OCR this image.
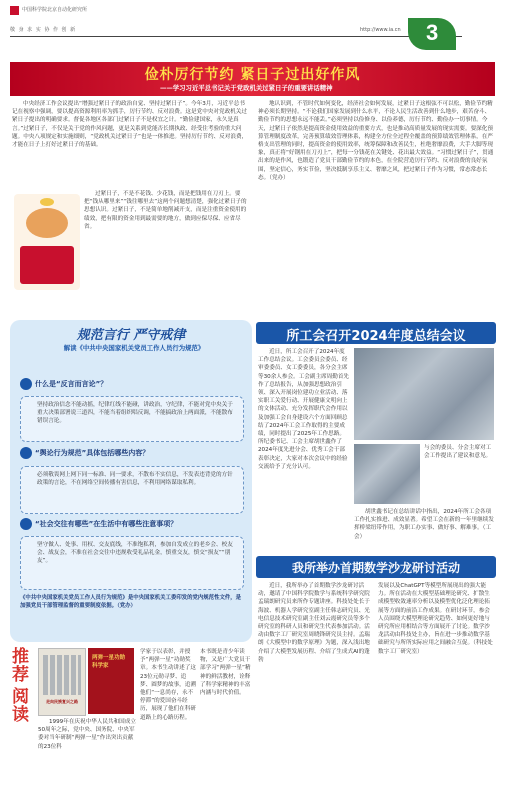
中国科学院北京自动化研究所
敬 身 求 实 协 作 创 新	http://www.ia.cn 3
俭朴厉行节约 紧日子过出好作风
——学习习近平总书记关于党政机关过紧日子的重要讲话精神
中央经济工作会议提出“增强过紧日子的政治自觉、坚持过紧日子”。今年3月，习近平总书记在视察中强调，要以提高资源利用率为抓手，厉行节约、反对浪费。这是党中央对党政机关过紧日子提出的明确要求。督促各地区各部门过紧日子不是权宜之计。“勤俭建国家，永久是真言。”过紧日子，不仅是关于党的作风问题，更是关系到党能否长期执政、经受住考验的重大问题。中央八项规定和实施细则，“党政机关过紧日子”也是一体推进。坚持厉行节约、反对浪费，才能在日子上打好过紧日子的基础。
过紧日子，不是不花钱、少花钱，而是把钱用在刀刃上。要把“钱从哪里来”“钱往哪里去”这两个问题想清楚，强化过紧日子的思想认识。过紧日子，不是简单地削减开支，而是注重资金使用的绩效，把有限的资金用到最需要的地方，做到应保尽保、应省尽省。
地认识到，不管时代如何变化，经济社会如何发展，过紧日子这根弦不可以松，勤俭节约精神必须长期坚持。“不论我们国家发展到什么水平，不论人民生活改善到什么地步，艰苦奋斗、勤俭节约的思想永远不能丢。”必须坚持以俭修身、以俭养德，厉行节约、勤俭办一切事情。今天，过紧日子依然是提高资金使用效益的重要方式，也是推动高质量发展的现实需要。要深化预算管理制度改革，完善预算绩效管理体系，构建全方位全过程全覆盖的预算绩效管理体系，在严格支出管理的同时，提高资金的使用效率，统筹保障和改善民生，杜绝奢靡浪费，大手大脚等现象，真正将“好钢用在刀刃上”，把每一分钱花在关键处、花出最大效益。“习惯过紧日子”，贯通出来的是作风，也锻造了党员干部勤俭节约的本色，在全院营造厉行节约、反对浪费的良好氛围，坚定信心，务实节俭，坚决抵制享乐主义、奢靡之风，把过紧日子作为习惯，常态常态长态。（党办）
规范言行 严守戒律
解读《中共中央国家机关党员工作人员行为规范》
什么是“反言而言论”？
坚持政治信念不能动摇，纪律红线不能碰，讲政治，守纪律，不能对党中央关于重大决策部署说三道四，不能当着组织唱反调，不能搞政治上两面派，不能散布错误言论。
“舆论行为规范”具体包括哪些内容？
必须敬畏网上网下同一标准、同一要求，不散布不实信息，不发表违背党的方针政策的言论，不在网络空间传播有害信息，不利用网络谋取私利。
“社会交往有哪些”在生活中有哪些注意事项？
坚守做人、处事、用权、交友底线，不准饱私利，参加自发成立的老乡会、校友会、战友会，不准在社会交往中违规收受礼品礼金，慎重交友，慎交“损友”“朋友”。
《中共中央国家机关党员工作人员行为规范》是中央国家机关工委印发的党内规范性文件，是加强党员干部管理监督的重要制度依据。（党办）
所工会召开2024年度总结会议
近日，所工会召开了2024年度工作总结会议。工会委员会委员、经审委委员、女工委委员，各分会主席等30余人参会。工会副主席周勤首先作了总结报告，从加强思想政治引领、深入开展岗位建功立业活动、落实职工关爱行动、开展健康文明向上的文体活动、充分发挥职代会作用以及加强工会自身建设六个方面回顾总结了2024年工会工作取得的主要成绩，同时提出了2025年工作思路。所纪委书记、工会主席胡世鑫作了2024年度先进分会、优秀工会干部表彰决定，大家对本次会议中的经验交流给予了充分认可。
与会的委员、分会主席对工会工作提出了建议和意见。
胡世鑫书记在总结讲话中指出，2024年所工会各项工作扎实推进、成效显著。希望工会在新的一年里继续发挥桥梁纽带作用，为职工办实事、做好事、解难事。（工会）
我所举办首期数学沙龙研讨活动
近日，我所举办了首期数学沙龙研讨活动，邀请了中国科学院数学与系统科学研究院孟瑞朗研究员来所作专题讲座。科技处处长于海波、机器人学研究室副主任韩志研究员、光电信息技术研究室副主任刘云霞研究员等多个研究室的科研人员和研究生代表参加活动。活动由数字工厂研究室周晓锋研究员主持。孟瑞朗《大模型中的数学原理》为题，深入浅出地介绍了大模型发展历程、介绍了生成式AI的蓬勃
发展以及ChatGPT等模型所展现出的强大能力。所在活动在大模型基础理论研究、扩散生成模型收敛速率分析以及模型优化泛化理论拓展等方面的前沿工作成果。在研讨环节，参会人员围绕大模型理论研究趋势、如何更好地与研究所应用相结合等方面展开了讨论。数学沙龙活动由科技处主办，旨在进一步推动数学基础研究与所所实际应用之间融合互促。（科技处 数字工厂研究室）
推荐
阅读
走向民族复兴之路
两弹一星功勋科学家
学家于以表彰，并授予“两弹一星”功勋奖章。本书生动讲述了这23位元勋寻梦、追梦、圆梦的故事，追溯他们“一息尚存，永不停滞”的爱国奋斗经历，展现了他们在科研道路上的心路历程。
本书既是青少年读物，又是广大党员干部学习“两弹一星”精神的鲜活教材，诠释了科学家精神的丰富内涵与时代价值。
1999年在庆祝中华人民共和国成立50周年之际，党中央、国务院、中央军委对当年研制“两弹一星”作出突出贡献的23位科
